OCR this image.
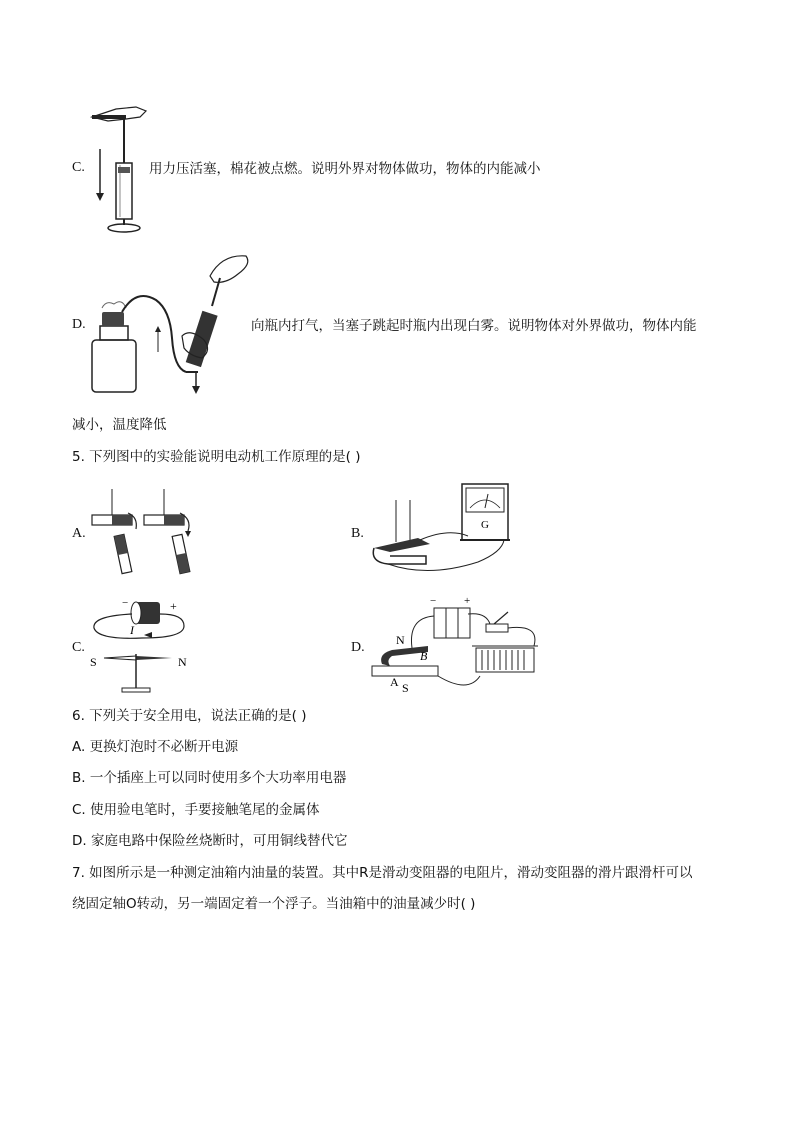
C.	用力压活塞，棉花被点燃。说明外界对物体做功，物体的内能减小
D.	向瓶内打气，当塞子跳起时瓶内出现白雾。说明物体对外界做功，物体内能
减小，温度降低
5. 下列图中的实验能说明电动机工作原理的是( )
A.	B.
G
C.
−	+
I
S	N
D.
−	+
N
B
A S
6. 下列关于安全用电，说法正确的是( )
A. 更换灯泡时不必断开电源
B. 一个插座上可以同时使用多个大功率用电器
C. 使用验电笔时，手要接触笔尾的金属体
D. 家庭电路中保险丝烧断时，可用铜线替代它
7. 如图所示是一种测定油箱内油量的装置。其中R是滑动变阻器的电阻片，滑动变阻器的滑片跟滑杆可以
绕固定轴O转动，另一端固定着一个浮子。当油箱中的油量减少时( )
